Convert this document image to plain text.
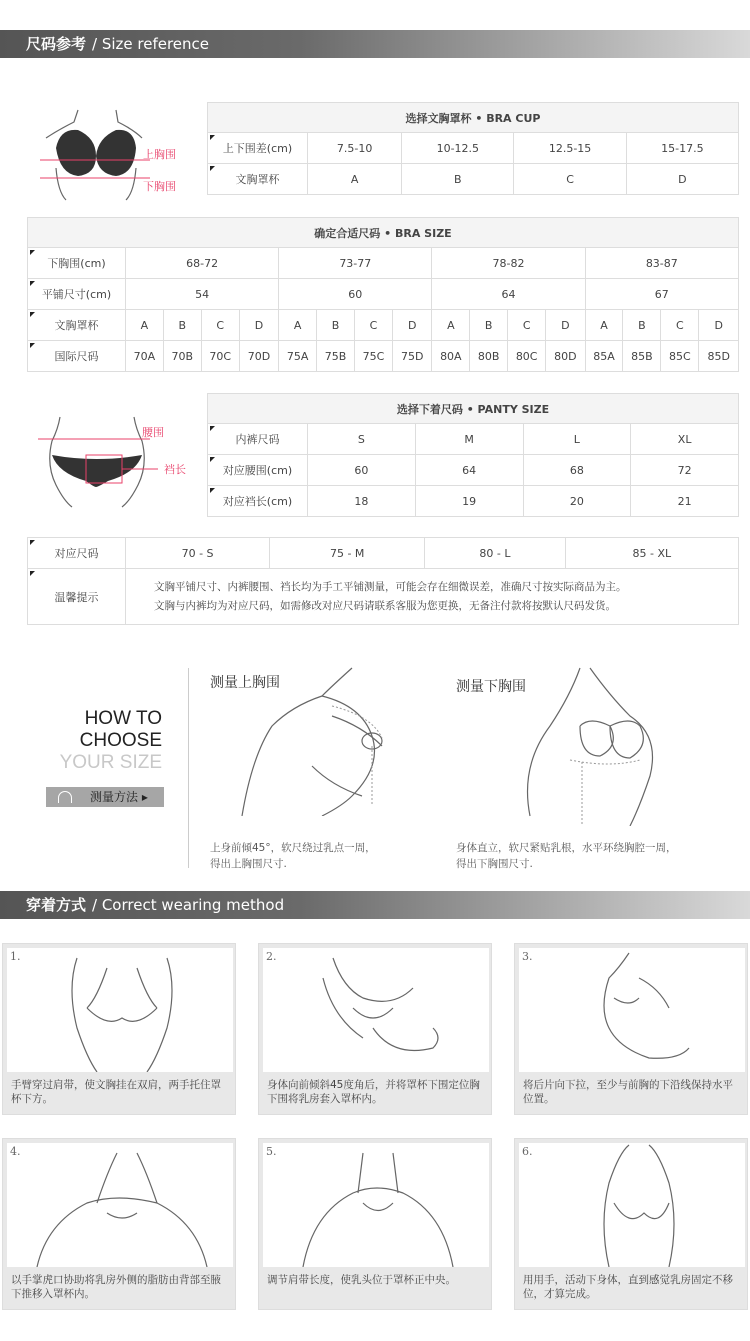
尺码参考 / Size reference
上胸围
下胸围
选择文胸罩杯 • BRA CUP				
上下围差(cm)	7.5-10	10-12.5	12.5-15	15-17.5
文胸罩杯	A	B	C	D
确定合适尺码 • BRA SIZE																
下胸围(cm)	68-72				73-77				78-82				83-87			
平铺尺寸(cm)	54				60				64				67			
文胸罩杯	A	B	C	D	A	B	C	D	A	B	C	D	A	B	C	D
国际尺码	70A	70B	70C	70D	75A	75B	75C	75D	80A	80B	80C	80D	85A	85B	85C	85D
腰围
裆长
选择下着尺码 • PANTY SIZE				
内裤尺码	S	M	L	XL
对应腰围(cm)	60	64	68	72
对应裆长(cm)	18	19	20	21
对应尺码	70 - S	75 - M	80 - L	85 - XL
温馨提示	文胸平铺尺寸、内裤腰围、裆长均为手工平铺测量，可能会存在细微误差，准确尺寸按实际商品为主。
文胸与内裤均为对应尺码，如需修改对应尺码请联系客服为您更换，无备注付款将按默认尺码发货。			
HOW TO
CHOOSE
YOUR SIZE
测量方法 ▸
测量上胸围
上身前倾45°，软尺绕过乳点一周，
得出上胸围尺寸.
测量下胸围
身体直立，软尺紧贴乳根，水平环绕胸腔一周，
得出下胸围尺寸.
穿着方式 / Correct wearing method
1.
手臂穿过肩带，使文胸挂在双肩，两手托住罩杯下方。
2.
身体向前倾斜45度角后，并将罩杯下围定位胸下围将乳房套入罩杯内。
3.
将后片向下拉，至少与前胸的下沿线保持水平位置。
4.
以手掌虎口协助将乳房外侧的脂肪由背部至腋下推移入罩杯内。
5.
调节肩带长度，使乳头位于罩杯正中央。
6.
用用手，活动下身体，直到感觉乳房固定不移位，才算完成。
